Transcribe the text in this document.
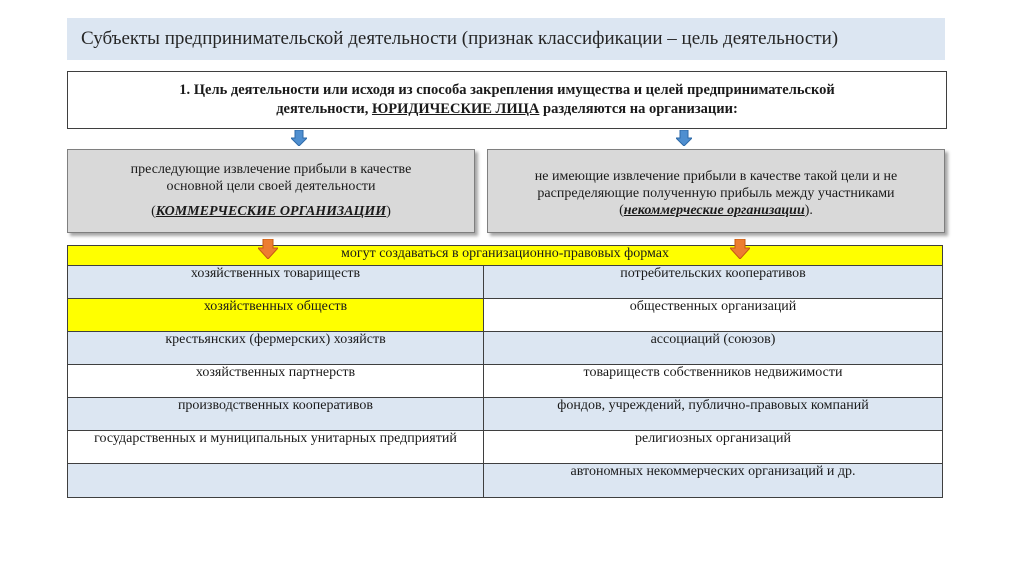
Субъекты предпринимательской деятельности (признак классификации – цель деятельности)
1. Цель деятельности или исходя из способа закрепления имущества и целей предпринимательской
деятельности, ЮРИДИЧЕСКИЕ ЛИЦА разделяются на организации:
преследующие извлечение прибыли в качестве
основной цели своей деятельности
(КОММЕРЧЕСКИЕ ОРГАНИЗАЦИИ)
не имеющие извлечение прибыли в качестве такой цели и не
распределяющие полученную прибыль между участниками
(некоммерческие организации).
могут создаваться в организационно-правовых формах	
хозяйственных товариществ	потребительских кооперативов
хозяйственных обществ	общественных организаций
крестьянских (фермерских) хозяйств	ассоциаций (союзов)
хозяйственных партнерств	товариществ собственников недвижимости
производственных кооперативов	фондов, учреждений, публично-правовых компаний
государственных и муниципальных унитарных предприятий	религиозных организаций
	автономных некоммерческих организаций и др.
